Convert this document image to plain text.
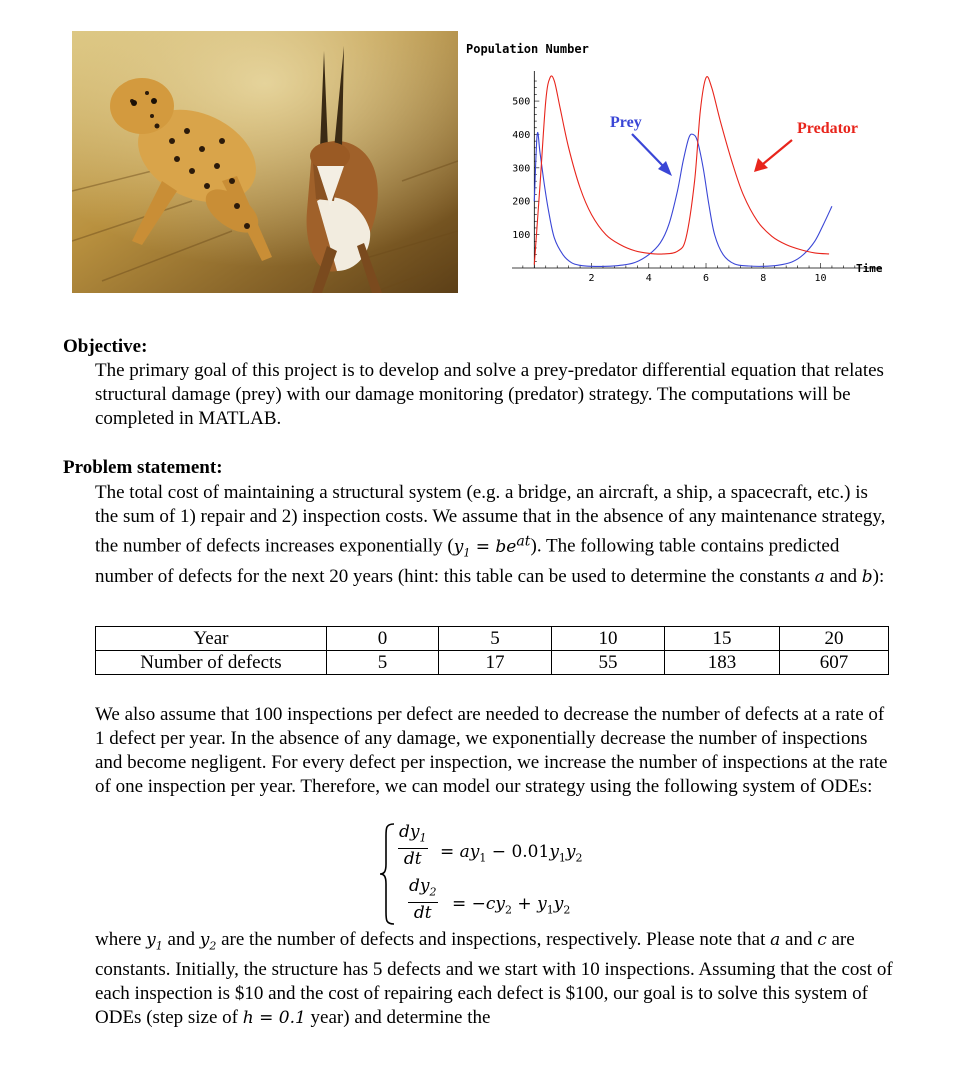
100
200
300
400
500
2	4	6	8	10
Population Number
Time
Prey	Predator

Objective:

The primary goal of this project is to develop and solve a prey-predator differential equation that relates structural damage (prey) with our damage monitoring (predator) strategy. The computations will be completed in MATLAB.

Problem statement:

The total cost of maintaining a structural system (e.g. a bridge, an aircraft, a ship, a spacecraft, etc.) is the sum of 1) repair and 2) inspection costs. We assume that in the absence of any maintenance strategy, the number of defects increases exponentially $(y_1 = be^{at})$. The following table contains predicted number of defects for the next 20 years (hint: this table can be used to determine the constants a and b):

Year	0	5	10	15	20
Number of defects	5	17	55	183	607

We also assume that 100 inspections per defect are needed to decrease the number of defects at a rate of 1 defect per year. In the absence of any damage, we exponentially decrease the number of inspections and become negligent. For every defect per inspection, we increase the number of inspections at the rate of one inspection per year. Therefore, we can model our strategy using the following system of ODEs:

$\frac{dy_1}{dt} = ay_1 - 0.01y_1y_2$
$\frac{dy_2}{dt} = -cy_2 + y_1y_2$

where $y_1$ and $y_2$ are the number of defects and inspections, respectively. Please note that a and c are constants. Initially, the structure has 5 defects and we start with 10 inspections. Assuming that the cost of each inspection is $10 and the cost of repairing each defect is $100, our goal is to solve this system of ODEs (step size of h = 0.1 year) and determine the
